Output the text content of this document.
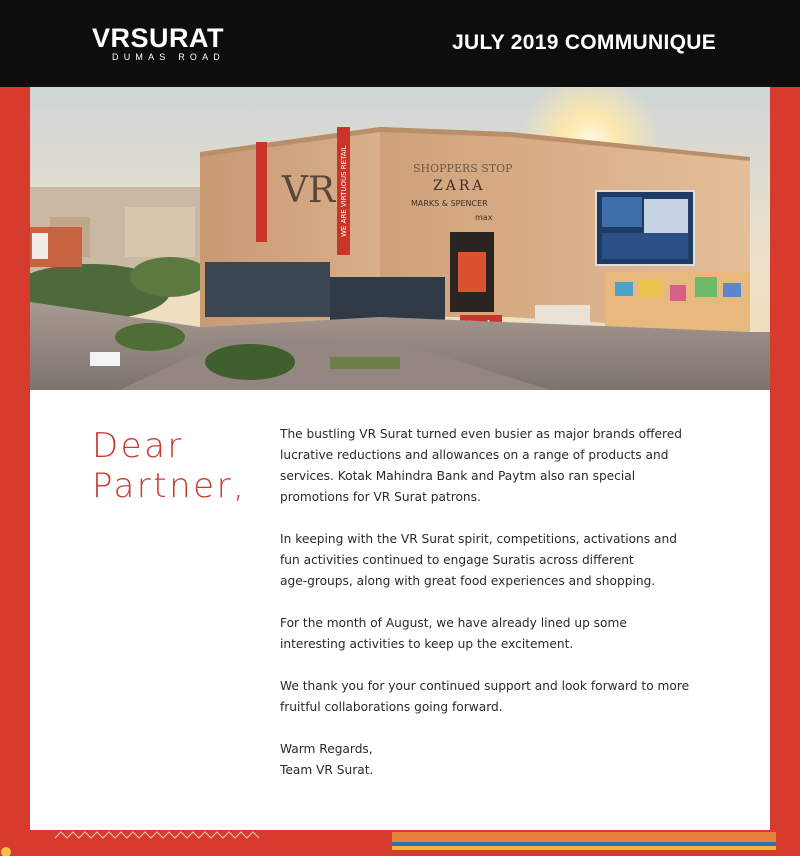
VRSURAT
DUMAS ROAD
JULY 2019 COMMUNIQUE
WE ARE VIRTUOUS RETAIL
VR
SHOPPERS STOP
ZARA
MARKS & SPENCER
max
Dear
Partner,

The bustling VR Surat turned even busier as major brands offered
lucrative reductions and allowances on a range of products and
services. Kotak Mahindra Bank and Paytm also ran special
promotions for VR Surat patrons.

In keeping with the VR Surat spirit, competitions, activations and
fun activities continued to engage Suratis across different
age-groups, along with great food experiences and shopping.

For the month of August, we have already lined up some
interesting activities to keep up the excitement.

We thank you for your continued support and look forward to more
fruitful collaborations going forward.

Warm Regards,

Team VR Surat.
